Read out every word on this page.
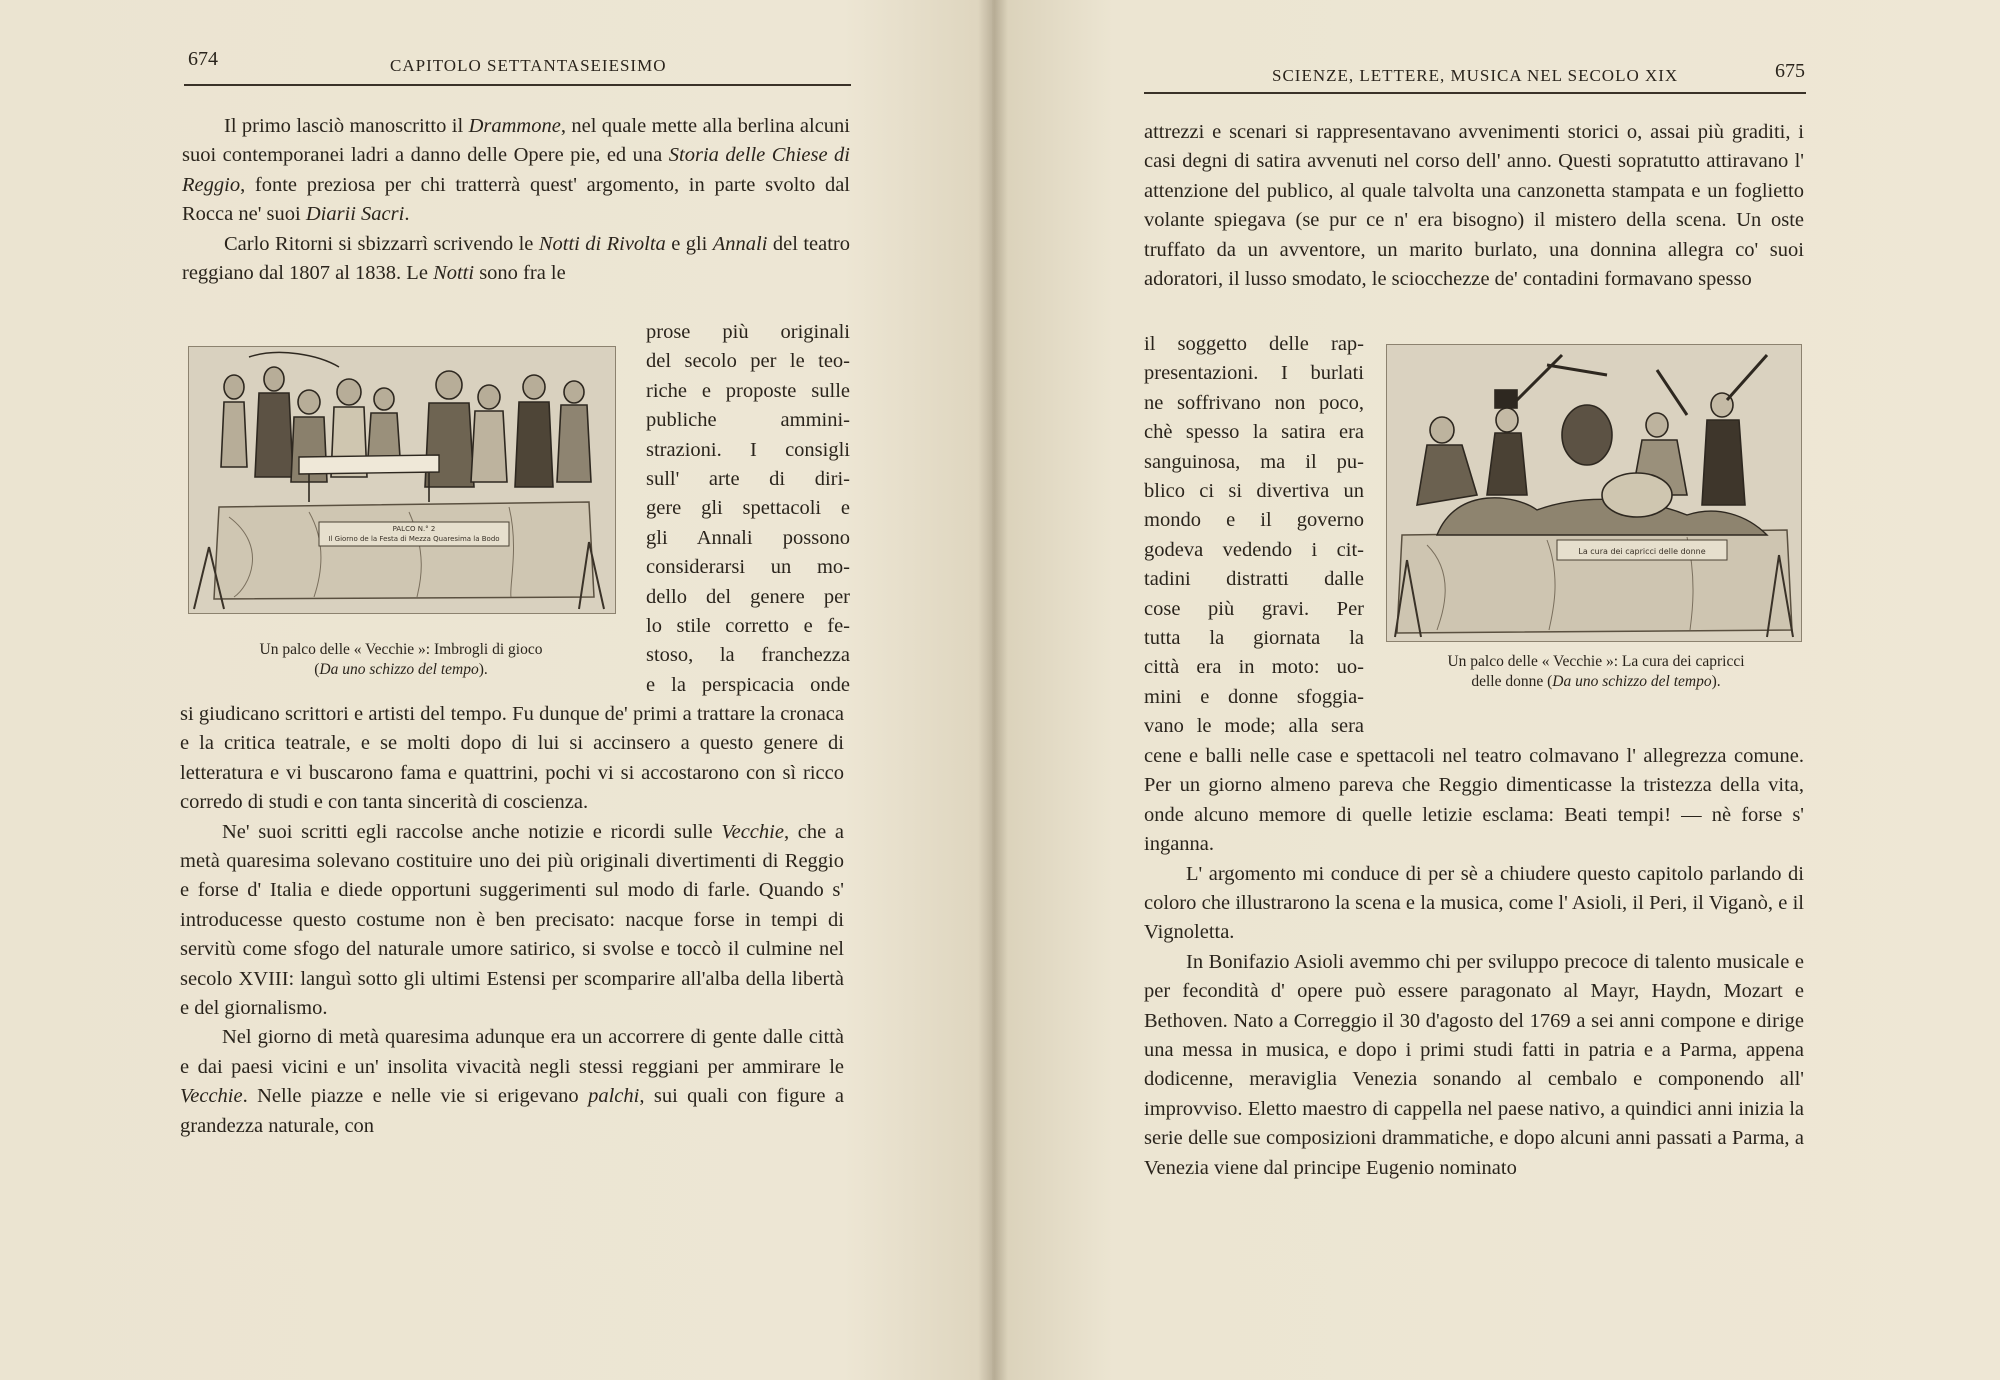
674	CAPITOLO SETTANTASEIESIMO

Il primo lasciò manoscritto il Drammone, nel quale mette alla berlina alcuni suoi contemporanei ladri a danno delle Opere pie, ed una Storia delle Chiese di Reggio, fonte preziosa per chi tratterrà quest' argomento, in parte svolto dal Rocca ne' suoi Diarii Sacri.

Carlo Ritorni si sbizzarrì scrivendo le Notti di Rivolta e gli Annali del teatro reggiano dal 1807 al 1838. Le Notti sono fra le

PALCO N.° 2
Il Giorno de la Festa di Mezza Quaresima la Bodo
Un palco delle « Vecchie »: Imbrogli di gioco
(Da uno schizzo del tempo).
prose più originali
del secolo per le teo-
riche e proposte sulle
publiche ammini-
strazioni. I consigli
sull' arte di diri-
gere gli spettacoli e
gli Annali possono
considerarsi un mo-
dello del genere per
lo stile corretto e fe-
stoso, la franchezza
e la perspicacia onde

si giudicano scrittori e artisti del tempo. Fu dunque de' primi a trattare la cronaca e la critica teatrale, e se molti dopo di lui si accinsero a questo genere di letteratura e vi buscarono fama e quattrini, pochi vi si accostarono con sì ricco corredo di studi e con tanta sincerità di coscienza.

Ne' suoi scritti egli raccolse anche notizie e ricordi sulle Vecchie, che a metà quaresima solevano costituire uno dei più originali divertimenti di Reggio e forse d' Italia e diede opportuni suggerimenti sul modo di farle. Quando s' introducesse questo costume non è ben precisato: nacque forse in tempi di servitù come sfogo del naturale umore satirico, si svolse e toccò il culmine nel secolo XVIII: languì sotto gli ultimi Estensi per scomparire all'alba della libertà e del giornalismo.

Nel giorno di metà quaresima adunque era un accorrere di gente dalle città e dai paesi vicini e un' insolita vivacità negli stessi reggiani per ammirare le Vecchie. Nelle piazze e nelle vie si erigevano palchi, sui quali con figure a grandezza naturale, con

SCIENZE, LETTERE, MUSICA NEL SECOLO XIX	675

attrezzi e scenari si rappresentavano avvenimenti storici o, assai più graditi, i casi degni di satira avvenuti nel corso dell' anno. Questi sopratutto attiravano l' attenzione del publico, al quale talvolta una canzonetta stampata e un foglietto volante spiegava (se pur ce n' era bisogno) il mistero della scena. Un oste truffato da un avventore, un marito burlato, una donnina allegra co' suoi adoratori, il lusso smodato, le sciocchezze de' contadini formavano spesso

il soggetto delle rap-
presentazioni. I burlati
ne soffrivano non poco,
chè spesso la satira era
sanguinosa, ma il pu-
blico ci si divertiva un
mondo e il governo
godeva vedendo i cit-
tadini distratti dalle
cose più gravi. Per
tutta la giornata la
città era in moto: uo-
mini e donne sfoggia-
vano le mode; alla sera
La cura dei capricci delle donne
Un palco delle « Vecchie »: La cura dei capricci
delle donne (Da uno schizzo del tempo).

cene e balli nelle case e spettacoli nel teatro colmavano l' allegrezza comune. Per un giorno almeno pareva che Reggio dimenticasse la tristezza della vita, onde alcuno memore di quelle letizie esclama: Beati tempi! — nè forse s' inganna.

L' argomento mi conduce di per sè a chiudere questo capitolo parlando di coloro che illustrarono la scena e la musica, come l' Asioli, il Peri, il Viganò, e il Vignoletta.

In Bonifazio Asioli avemmo chi per sviluppo precoce di talento musicale e per fecondità d' opere può essere paragonato al Mayr, Haydn, Mozart e Bethoven. Nato a Correggio il 30 d'agosto del 1769 a sei anni compone e dirige una messa in musica, e dopo i primi studi fatti in patria e a Parma, appena dodicenne, meraviglia Venezia sonando al cembalo e componendo all' improvviso. Eletto maestro di cappella nel paese nativo, a quindici anni inizia la serie delle sue composizioni drammatiche, e dopo alcuni anni passati a Parma, a Venezia viene dal principe Eugenio nominato
